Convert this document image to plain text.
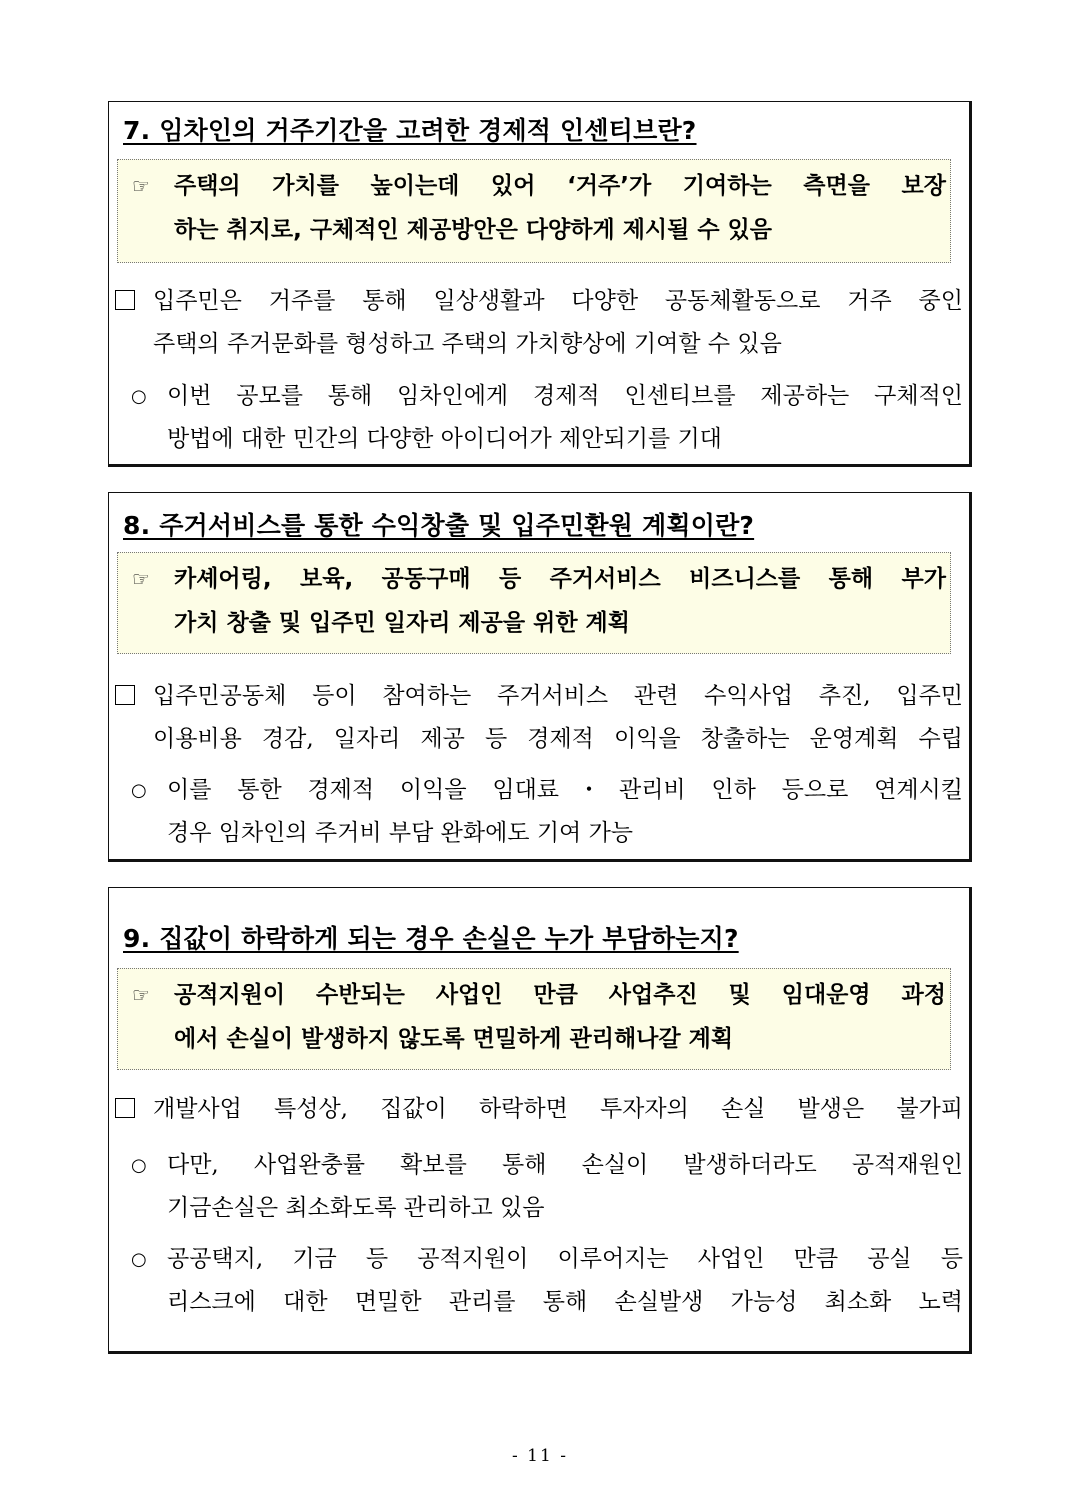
7. 임차인의 거주기간을 고려한 경제적 인센티브란?
☞ 주택의 가치를 높이는데 있어 ‘거주’가 기여하는 측면을 보장
하는 취지로, 구체적인 제공방안은 다양하게 제시될 수 있음
입주민은 거주를 통해 일상생활과 다양한 공동체활동으로 거주 중인
주택의 주거문화를 형성하고 주택의 가치향상에 기여할 수 있음
○ 이번 공모를 통해 임차인에게 경제적 인센티브를 제공하는 구체적인
방법에 대한 민간의 다양한 아이디어가 제안되기를 기대
8. 주거서비스를 통한 수익창출 및 입주민환원 계획이란?
☞ 카셰어링, 보육, 공동구매 등 주거서비스 비즈니스를 통해 부가
가치 창출 및 입주민 일자리 제공을 위한 계획
입주민공동체 등이 참여하는 주거서비스 관련 수익사업 추진, 입주민
이용비용 경감, 일자리 제공 등 경제적 이익을 창출하는 운영계획 수립
○ 이를 통한 경제적 이익을 임대료・관리비 인하 등으로 연계시킬
경우 임차인의 주거비 부담 완화에도 기여 가능
9. 집값이 하락하게 되는 경우 손실은 누가 부담하는지?
☞ 공적지원이 수반되는 사업인 만큼 사업추진 및 임대운영 과정
에서 손실이 발생하지 않도록 면밀하게 관리해나갈 계획
개발사업 특성상, 집값이 하락하면 투자자의 손실 발생은 불가피
○ 다만, 사업완충률 확보를 통해 손실이 발생하더라도 공적재원인
기금손실은 최소화도록 관리하고 있음
○ 공공택지, 기금 등 공적지원이 이루어지는 사업인 만큼 공실 등
리스크에 대한 면밀한 관리를 통해 손실발생 가능성 최소화 노력
- 11 -
